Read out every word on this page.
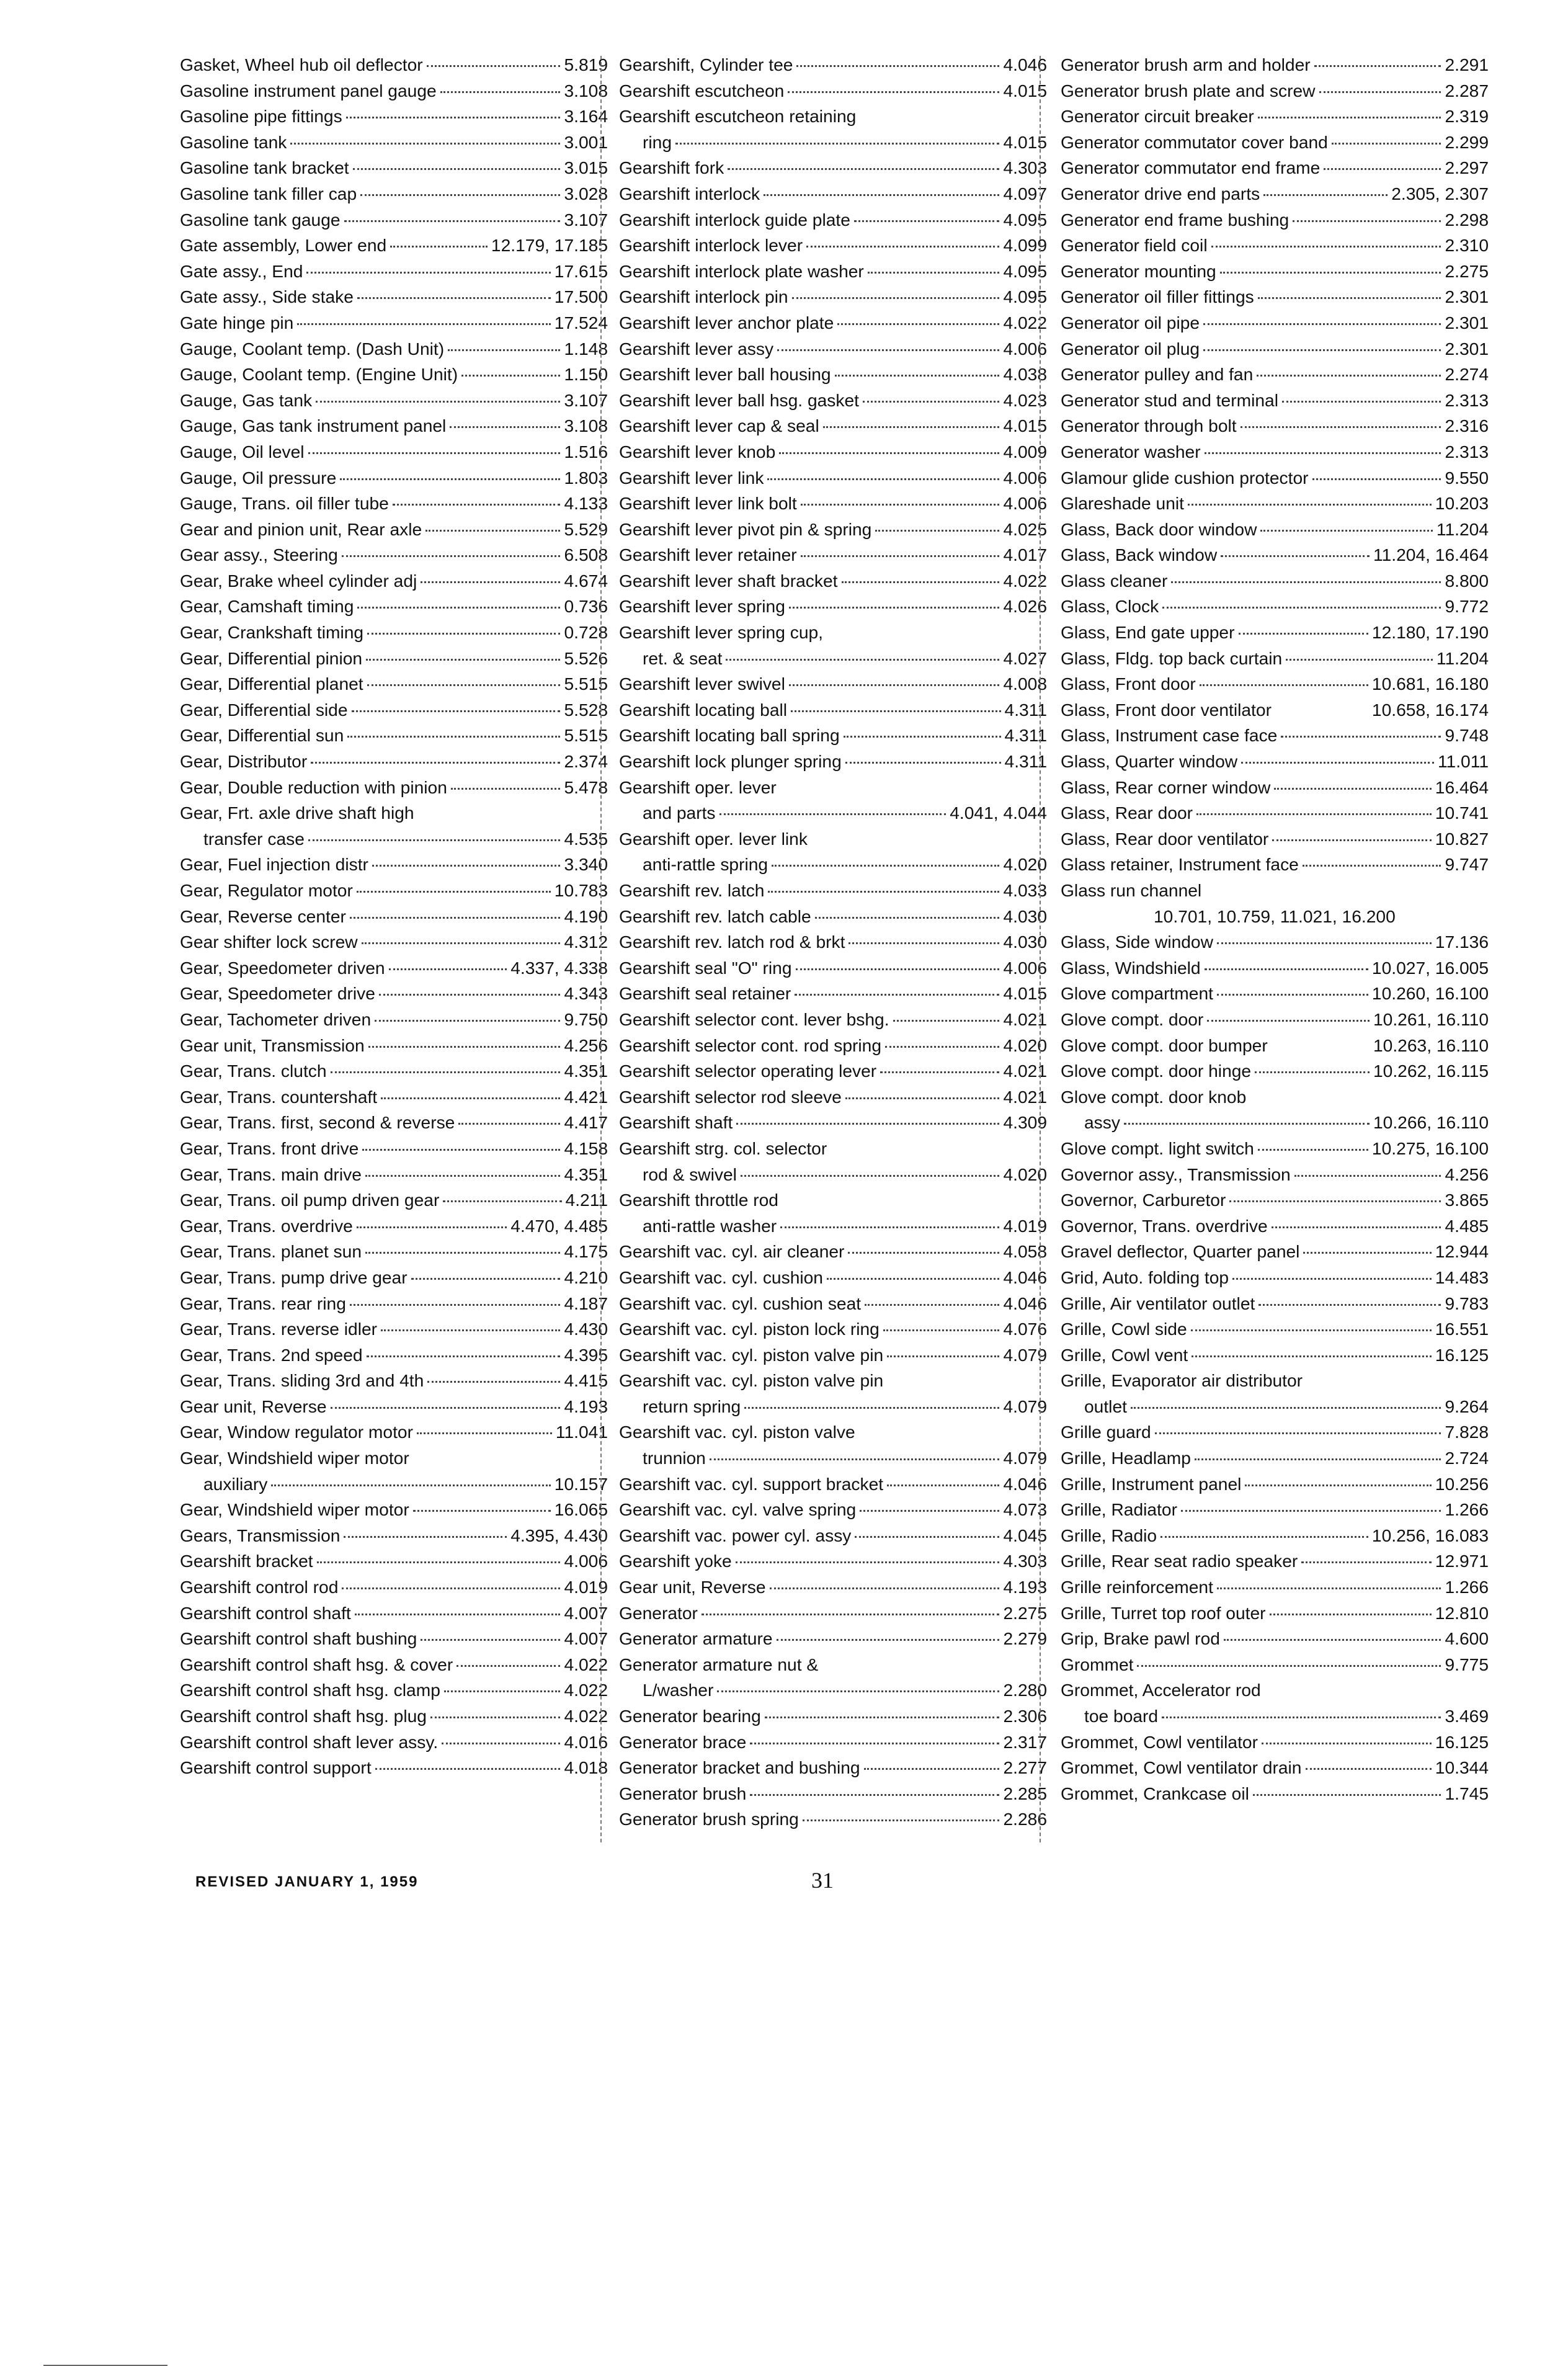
Gasket, Wheel hub oil deflector	5.819
Gasoline instrument panel gauge	3.108
Gasoline pipe fittings	3.164
Gasoline tank	3.001
Gasoline tank bracket	3.015
Gasoline tank filler cap	3.028
Gasoline tank gauge	3.107
Gate assembly, Lower end	12.179, 17.185
Gate assy., End	17.615
Gate assy., Side stake	17.500
Gate hinge pin	17.524
Gauge, Coolant temp. (Dash Unit)	1.148
Gauge, Coolant temp. (Engine Unit)	1.150
Gauge, Gas tank	3.107
Gauge, Gas tank instrument panel	3.108
Gauge, Oil level	1.516
Gauge, Oil pressure	1.803
Gauge, Trans. oil filler tube	4.133
Gear and pinion unit, Rear axle	5.529
Gear assy., Steering	6.508
Gear, Brake wheel cylinder adj	4.674
Gear, Camshaft timing	0.736
Gear, Crankshaft timing	0.728
Gear, Differential pinion	5.526
Gear, Differential planet	5.515
Gear, Differential side	5.528
Gear, Differential sun	5.515
Gear, Distributor	2.374
Gear, Double reduction with pinion	5.478
Gear, Frt. axle drive shaft high
transfer case	4.535
Gear, Fuel injection distr	3.340
Gear, Regulator motor	10.783
Gear, Reverse center	4.190
Gear shifter lock screw	4.312
Gear, Speedometer driven	4.337, 4.338
Gear, Speedometer drive	4.343
Gear, Tachometer driven	9.750
Gear unit, Transmission	4.256
Gear, Trans. clutch	4.351
Gear, Trans. countershaft	4.421
Gear, Trans. first, second & reverse	4.417
Gear, Trans. front drive	4.158
Gear, Trans. main drive	4.351
Gear, Trans. oil pump driven gear	4.211
Gear, Trans. overdrive	4.470, 4.485
Gear, Trans. planet sun	4.175
Gear, Trans. pump drive gear	4.210
Gear, Trans. rear ring	4.187
Gear, Trans. reverse idler	4.430
Gear, Trans. 2nd speed	4.395
Gear, Trans. sliding 3rd and 4th	4.415
Gear unit, Reverse	4.193
Gear, Window regulator motor	11.041
Gear, Windshield wiper motor
auxiliary	10.157
Gear, Windshield wiper motor	16.065
Gears, Transmission	4.395, 4.430
Gearshift bracket	4.006
Gearshift control rod	4.019
Gearshift control shaft	4.007
Gearshift control shaft bushing	4.007
Gearshift control shaft hsg. & cover	4.022
Gearshift control shaft hsg. clamp	4.022
Gearshift control shaft hsg. plug	4.022
Gearshift control shaft lever assy.	4.016
Gearshift control support	4.018
Gearshift, Cylinder tee	4.046
Gearshift escutcheon	4.015
Gearshift escutcheon retaining
ring	4.015
Gearshift fork	4.303
Gearshift interlock	4.097
Gearshift interlock guide plate	4.095
Gearshift interlock lever	4.099
Gearshift interlock plate washer	4.095
Gearshift interlock pin	4.095
Gearshift lever anchor plate	4.022
Gearshift lever assy	4.006
Gearshift lever ball housing	4.038
Gearshift lever ball hsg. gasket	4.023
Gearshift lever cap & seal	4.015
Gearshift lever knob	4.009
Gearshift lever link	4.006
Gearshift lever link bolt	4.006
Gearshift lever pivot pin & spring	4.025
Gearshift lever retainer	4.017
Gearshift lever shaft bracket	4.022
Gearshift lever spring	4.026
Gearshift lever spring cup,
ret. & seat	4.027
Gearshift lever swivel	4.008
Gearshift locating ball	4.311
Gearshift locating ball spring	4.311
Gearshift lock plunger spring	4.311
Gearshift oper. lever
and parts	4.041, 4.044
Gearshift oper. lever link
anti-rattle spring	4.020
Gearshift rev. latch	4.033
Gearshift rev. latch cable	4.030
Gearshift rev. latch rod & brkt	4.030
Gearshift seal "O" ring	4.006
Gearshift seal retainer	4.015
Gearshift selector cont. lever bshg.	4.021
Gearshift selector cont. rod spring	4.020
Gearshift selector operating lever	4.021
Gearshift selector rod sleeve	4.021
Gearshift shaft	4.309
Gearshift strg. col. selector
rod & swivel	4.020
Gearshift throttle rod
anti-rattle washer	4.019
Gearshift vac. cyl. air cleaner	4.058
Gearshift vac. cyl. cushion	4.046
Gearshift vac. cyl. cushion seat	4.046
Gearshift vac. cyl. piston lock ring	4.076
Gearshift vac. cyl. piston valve pin	4.079
Gearshift vac. cyl. piston valve pin
return spring	4.079
Gearshift vac. cyl. piston valve
trunnion	4.079
Gearshift vac. cyl. support bracket	4.046
Gearshift vac. cyl. valve spring	4.073
Gearshift vac. power cyl. assy	4.045
Gearshift yoke	4.303
Gear unit, Reverse	4.193
Generator	2.275
Generator armature	2.279
Generator armature nut &
L/washer	2.280
Generator bearing	2.306
Generator brace	2.317
Generator bracket and bushing	2.277
Generator brush	2.285
Generator brush spring	2.286
Generator brush arm and holder	2.291
Generator brush plate and screw	2.287
Generator circuit breaker	2.319
Generator commutator cover band	2.299
Generator commutator end frame	2.297
Generator drive end parts	2.305, 2.307
Generator end frame bushing	2.298
Generator field coil	2.310
Generator mounting	2.275
Generator oil filler fittings	2.301
Generator oil pipe	2.301
Generator oil plug	2.301
Generator pulley and fan	2.274
Generator stud and terminal	2.313
Generator through bolt	2.316
Generator washer	2.313
Glamour glide cushion protector	9.550
Glareshade unit	10.203
Glass, Back door window	11.204
Glass, Back window	11.204, 16.464
Glass cleaner	8.800
Glass, Clock	9.772
Glass, End gate upper	12.180, 17.190
Glass, Fldg. top back curtain	11.204
Glass, Front door	10.681, 16.180
Glass, Front door ventilator	10.658, 16.174
Glass, Instrument case face	9.748
Glass, Quarter window	11.011
Glass, Rear corner window	16.464
Glass, Rear door	10.741
Glass, Rear door ventilator	10.827
Glass retainer, Instrument face	9.747
Glass run channel
10.701, 10.759, 11.021, 16.200
Glass, Side window	17.136
Glass, Windshield	10.027, 16.005
Glove compartment	10.260, 16.100
Glove compt. door	10.261, 16.110
Glove compt. door bumper	10.263, 16.110
Glove compt. door hinge	10.262, 16.115
Glove compt. door knob
assy	10.266, 16.110
Glove compt. light switch	10.275, 16.100
Governor assy., Transmission	4.256
Governor, Carburetor	3.865
Governor, Trans. overdrive	4.485
Gravel deflector, Quarter panel	12.944
Grid, Auto. folding top	14.483
Grille, Air ventilator outlet	9.783
Grille, Cowl side	16.551
Grille, Cowl vent	16.125
Grille, Evaporator air distributor
outlet	9.264
Grille guard	7.828
Grille, Headlamp	2.724
Grille, Instrument panel	10.256
Grille, Radiator	1.266
Grille, Radio	10.256, 16.083
Grille, Rear seat radio speaker	12.971
Grille reinforcement	1.266
Grille, Turret top roof outer	12.810
Grip, Brake pawl rod	4.600
Grommet	9.775
Grommet, Accelerator rod
toe board	3.469
Grommet, Cowl ventilator	16.125
Grommet, Cowl ventilator drain	10.344
Grommet, Crankcase oil	1.745
REVISED JANUARY 1, 1959	31
